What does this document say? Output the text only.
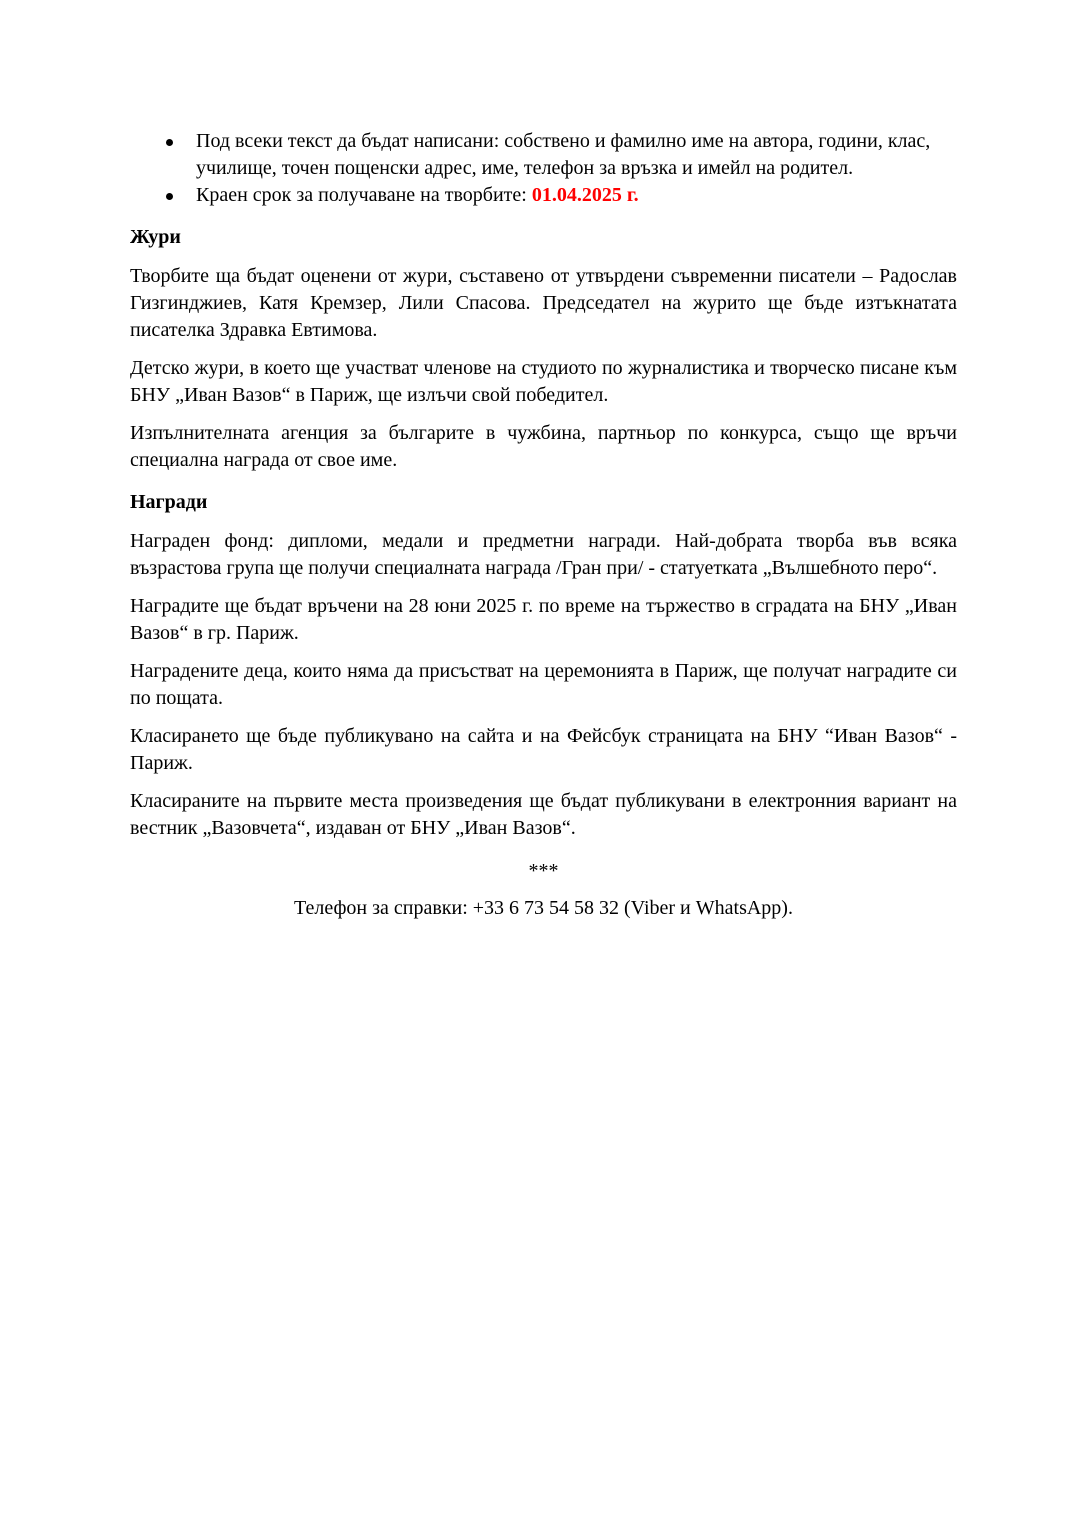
Под всеки текст да бъдат написани: собствено и фамилно име на автора, години, клас, училище, точен пощенски адрес, име, телефон за връзка и имейл на родител.
Краен срок за получаване на творбите: 01.04.2025 г.
Жури

Творбите ща бъдат оценени от жури, съставено от утвърдени съвременни писатели – Радослав Гизгинджиев, Катя Кремзер, Лили Спасова. Председател на журито ще бъде изтъкнатата писателка Здравка Евтимова.

Детско жури, в което ще участват членове на студиото по журналистика и творческо писане към БНУ „Иван Вазов“ в Париж, ще излъчи свой победител.

Изпълнителната агенция за българите в чужбина, партньор по конкурса, също ще връчи специална награда от свое име.

Награди

Награден фонд: дипломи, медали и предметни награди. Най-добрата творба във всяка възрастова група ще получи специалната награда /Гран при/ - статуетката „Вълшебното перо“.

Наградите ще бъдат връчени на 28 юни 2025 г. по време на тържество в сградата на БНУ „Иван Вазов“ в гр. Париж.

Наградените деца, които няма да присъстват на церемонията в Париж, ще получат наградите си по пощата.

Класирането ще бъде публикувано на сайта и на Фейсбук страницата на БНУ “Иван Вазов“ - Париж.

Класираните на първите места произведения ще бъдат публикувани в електронния вариант на вестник „Вазовчета“, издаван от БНУ „Иван Вазов“.

***
Телефон за справки: +33 6 73 54 58 32 (Viber и WhatsApp).
